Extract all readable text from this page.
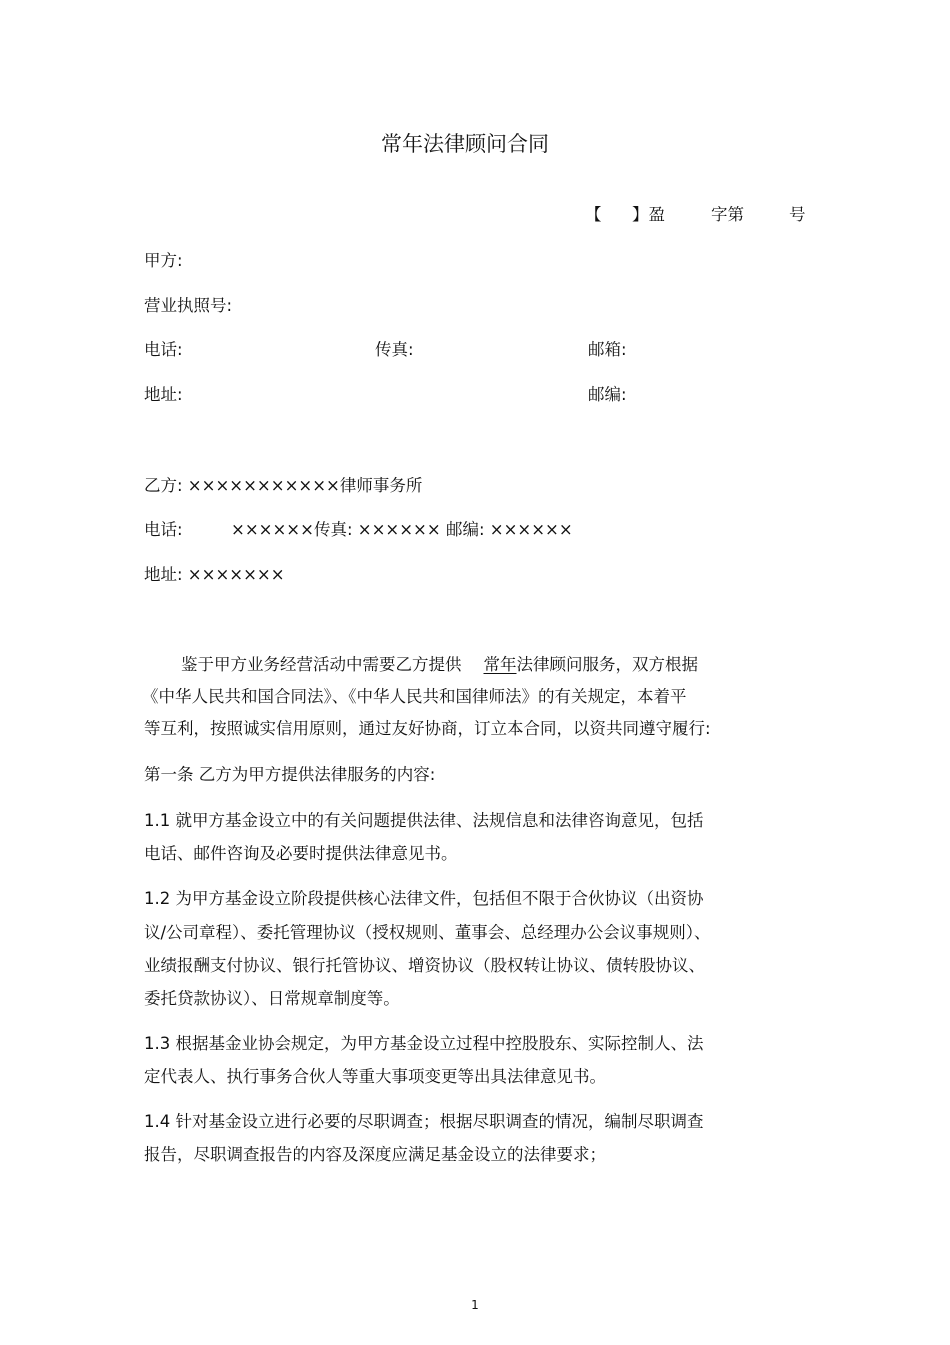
常年法律顾问合同
【 】盈	字第	号
甲方:
营业执照号:
电话:	传真:	邮箱:
地址:	邮编:
乙方: ×××××××××××律师事务所
电话:	××××××传真: ×××××× 邮编: ××××××
地址: ×××××××
鉴于甲方业务经营活动中需要乙方提供 常年法律顾问服务，双方根据
《中华人民共和国合同法》、《中华人民共和国律师法》的有关规定，本着平
等互利，按照诚实信用原则，通过友好协商，订立本合同，以资共同遵守履行:
第一条 乙方为甲方提供法律服务的内容:
1.1 就甲方基金设立中的有关问题提供法律、法规信息和法律咨询意见，包括
电话、邮件咨询及必要时提供法律意见书。
1.2 为甲方基金设立阶段提供核心法律文件，包括但不限于合伙协议（出资协
议/公司章程）、委托管理协议（授权规则、董事会、总经理办公会议事规则）、
业绩报酬支付协议、银行托管协议、增资协议（股权转让协议、债转股协议、
委托贷款协议）、日常规章制度等。
1.3 根据基金业协会规定，为甲方基金设立过程中控股股东、实际控制人、法
定代表人、执行事务合伙人等重大事项变更等出具法律意见书。
1.4 针对基金设立进行必要的尽职调查；根据尽职调查的情况，编制尽职调查
报告，尽职调查报告的内容及深度应满足基金设立的法律要求；
1
